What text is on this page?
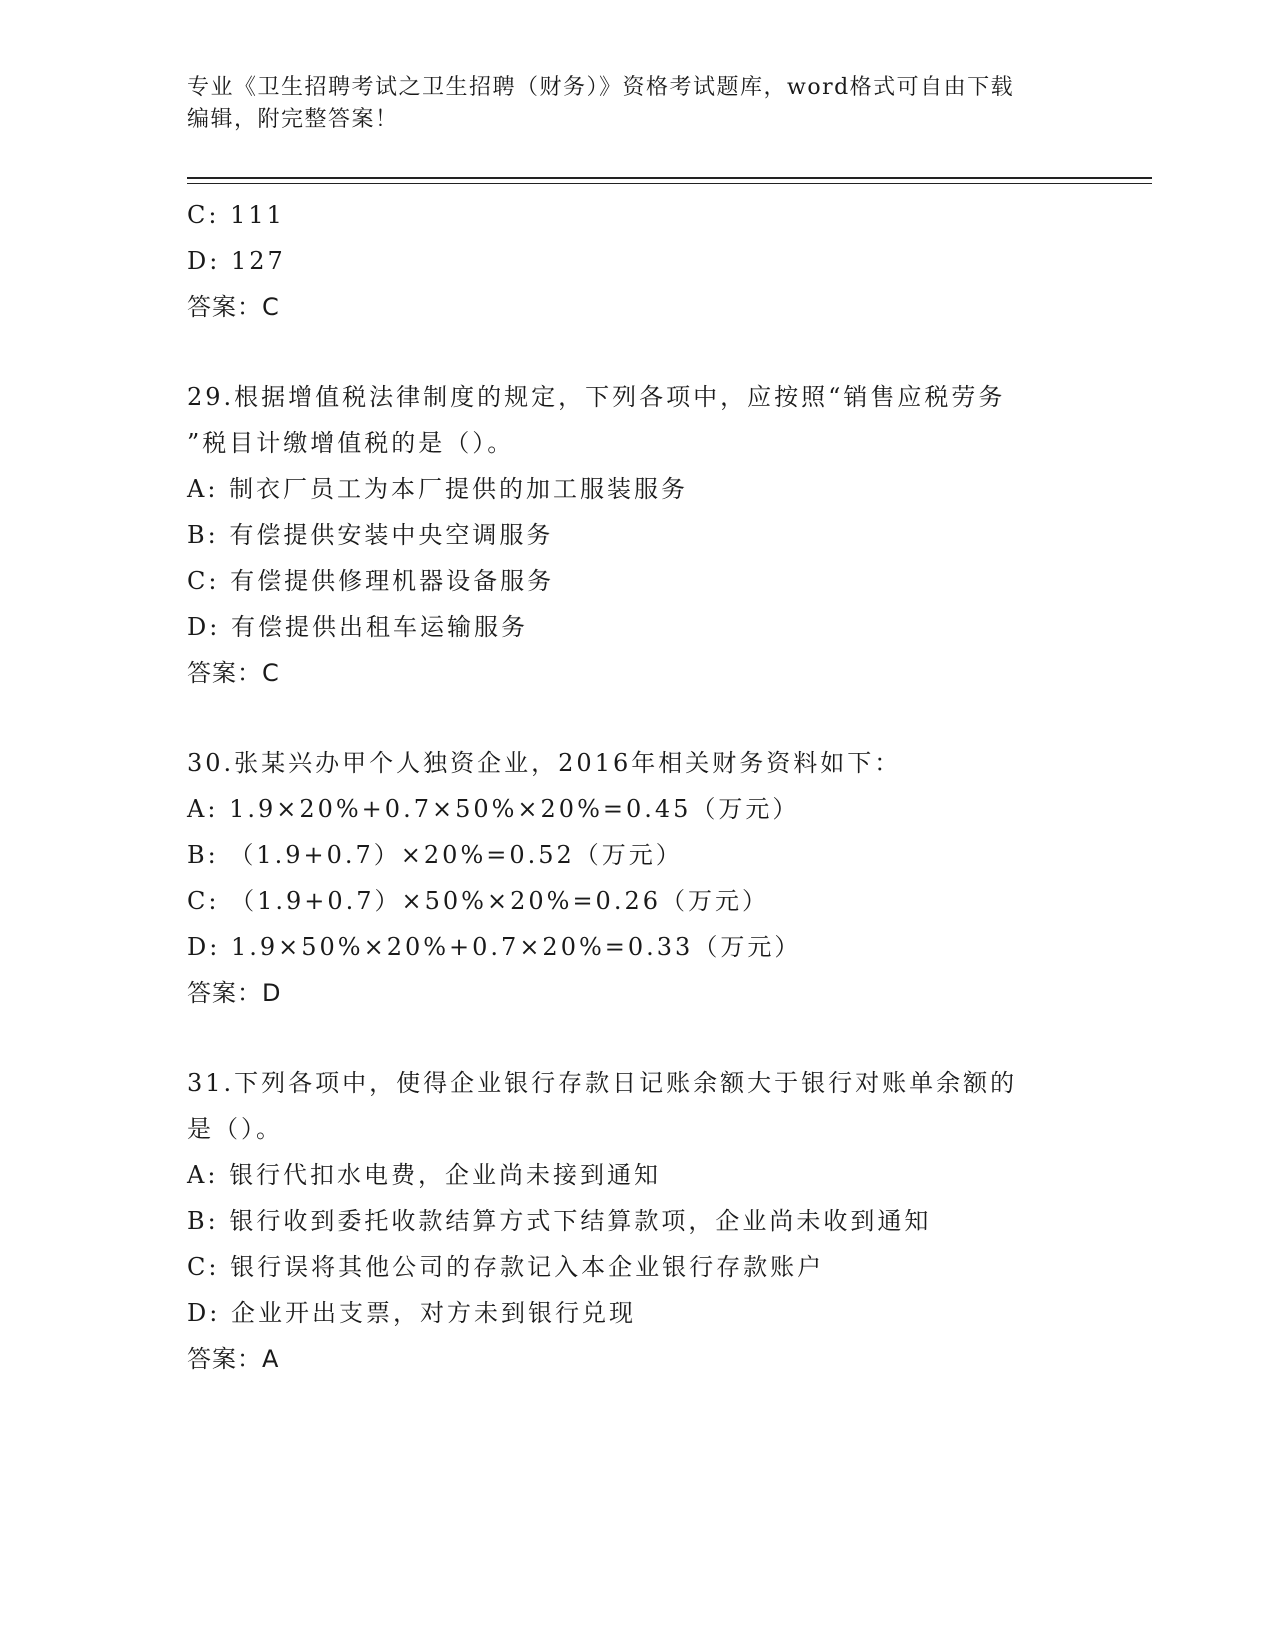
专业《卫生招聘考试之卫生招聘（财务）》资格考试题库，word格式可自由下载
编辑，附完整答案！
C: 111
D: 127
答案：C
29.根据增值税法律制度的规定，下列各项中，应按照“销售应税劳务
”税目计缴增值税的是（）。
A: 制衣厂员工为本厂提供的加工服装服务
B: 有偿提供安装中央空调服务
C: 有偿提供修理机器设备服务
D: 有偿提供出租车运输服务
答案：C
30.张某兴办甲个人独资企业，2016年相关财务资料如下：
A: 1.9×20%+0.7×50%×20%=0.45（万元）
B: （1.9+0.7）×20%=0.52（万元）
C: （1.9+0.7）×50%×20%=0.26（万元）
D: 1.9×50%×20%+0.7×20%=0.33（万元）
答案：D
31.下列各项中，使得企业银行存款日记账余额大于银行对账单余额的
是（）。
A: 银行代扣水电费，企业尚未接到通知
B: 银行收到委托收款结算方式下结算款项，企业尚未收到通知
C: 银行误将其他公司的存款记入本企业银行存款账户
D: 企业开出支票，对方未到银行兑现
答案：A
